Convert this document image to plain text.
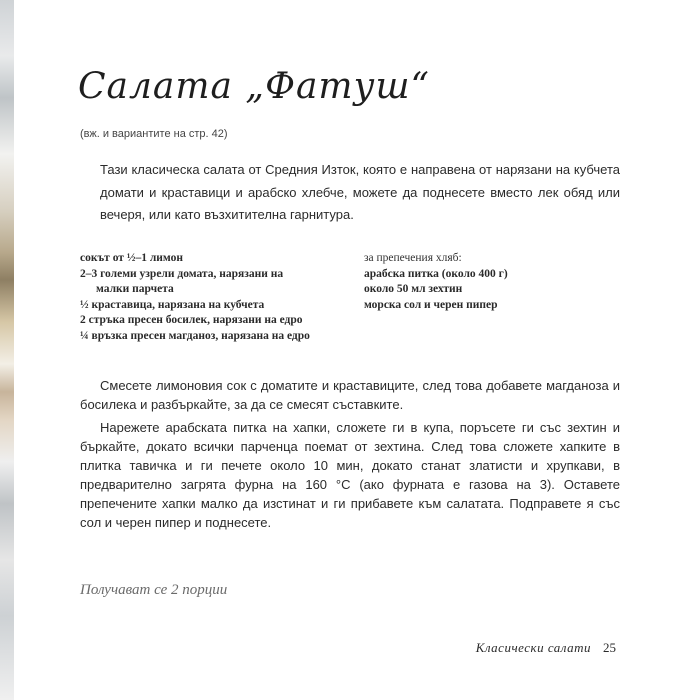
Салата „Фатуш“
(вж. и вариантите на стр. 42)

Тази класическа салата от Средния Изток, която е направена от нарязани на кубчета домати и краставици и арабско хлебче, можете да поднесете вместо лек обяд или вечеря, или като възхитителна гарнитура.

сокът от ½–1 лимон
2–3 големи узрели домата, нарязани на
малки парчета
½ краставица, нарязана на кубчета
2 стръка пресен босилек, нарязани на едро
¼ връзка пресен магданоз, нарязана на едро
за препечения хляб:
арабска питка (около 400 г)
около 50 мл зехтин
морска сол и черен пипер

Смесете лимоновия сок с доматите и краставиците, след това добавете магданоза и босилека и разбъркайте, за да се смесят съставките.

Нарежете арабската питка на хапки, сложете ги в купа, поръсете ги със зехтин и бъркайте, докато всички парченца поемат от зехтина. След това сложете хапките в плитка тавичка и ги печете около 10 мин, докато станат златисти и хрупкави, в предварително загрята фурна на 160 °C (ако фурната е газова на 3). Оставете препечените хапки малко да изстинат и ги прибавете към салатата. Подправете я със сол и черен пипер и поднесете.

Получават се 2 порции
Класически салати 25
